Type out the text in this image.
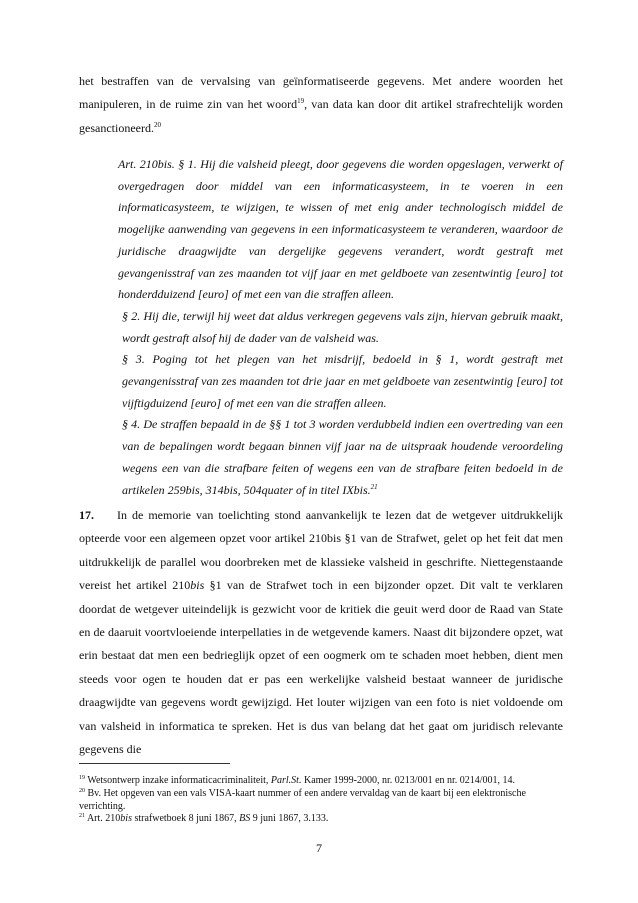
het bestraffen van de vervalsing van geïnformatiseerde gegevens. Met andere woorden het manipuleren, in de ruime zin van het woord$^{19}$, van data kan door dit artikel strafrechtelijk worden gesanctioneerd.$^{20}$

Art. 210bis. § 1. Hij die valsheid pleegt, door gegevens die worden opgeslagen, verwerkt of overgedragen door middel van een informaticasysteem, in te voeren in een informaticasysteem, te wijzigen, te wissen of met enig ander technologisch middel de mogelijke aanwending van gegevens in een informaticasysteem te veranderen, waardoor de juridische draagwijdte van dergelijke gegevens verandert, wordt gestraft met gevangenisstraf van zes maanden tot vijf jaar en met geldboete van zesentwintig [euro] tot honderdduizend [euro] of met een van die straffen alleen.

§ 2. Hij die, terwijl hij weet dat aldus verkregen gegevens vals zijn, hiervan gebruik maakt, wordt gestraft alsof hij de dader van de valsheid was.

§ 3. Poging tot het plegen van het misdrijf, bedoeld in § 1, wordt gestraft met gevangenisstraf van zes maanden tot drie jaar en met geldboete van zesentwintig [euro] tot vijftigduizend [euro] of met een van die straffen alleen.

§ 4. De straffen bepaald in de §§ 1 tot 3 worden verdubbeld indien een overtreding van een van de bepalingen wordt begaan binnen vijf jaar na de uitspraak houdende veroordeling wegens een van die strafbare feiten of wegens een van de strafbare feiten bedoeld in de artikelen 259bis, 314bis, 504quater of in titel IXbis.$^{21}$

17. In de memorie van toelichting stond aanvankelijk te lezen dat de wetgever uitdrukkelijk opteerde voor een algemeen opzet voor artikel 210bis §1 van de Strafwet, gelet op het feit dat men uitdrukkelijk de parallel wou doorbreken met de klassieke valsheid in geschrifte. Niettegenstaande vereist het artikel 210bis §1 van de Strafwet toch in een bijzonder opzet. Dit valt te verklaren doordat de wetgever uiteindelijk is gezwicht voor de kritiek die geuit werd door de Raad van State en de daaruit voortvloeiende interpellaties in de wetgevende kamers. Naast dit bijzondere opzet, wat erin bestaat dat men een bedrieglijk opzet of een oogmerk om te schaden moet hebben, dient men steeds voor ogen te houden dat er pas een werkelijke valsheid bestaat wanneer de juridische draagwijdte van gegevens wordt gewijzigd. Het louter wijzigen van een foto is niet voldoende om van valsheid in informatica te spreken. Het is dus van belang dat het gaat om juridisch relevante gegevens die

$^{19}$ Wetsontwerp inzake informaticacriminaliteit, Parl.St. Kamer 1999-2000, nr. 0213/001 en nr. 0214/001, 14.

$^{20}$ Bv. Het opgeven van een vals VISA-kaart nummer of een andere vervaldag van de kaart bij een elektronische verrichting.

$^{21}$ Art. 210bis strafwetboek 8 juni 1867, BS 9 juni 1867, 3.133.

7
